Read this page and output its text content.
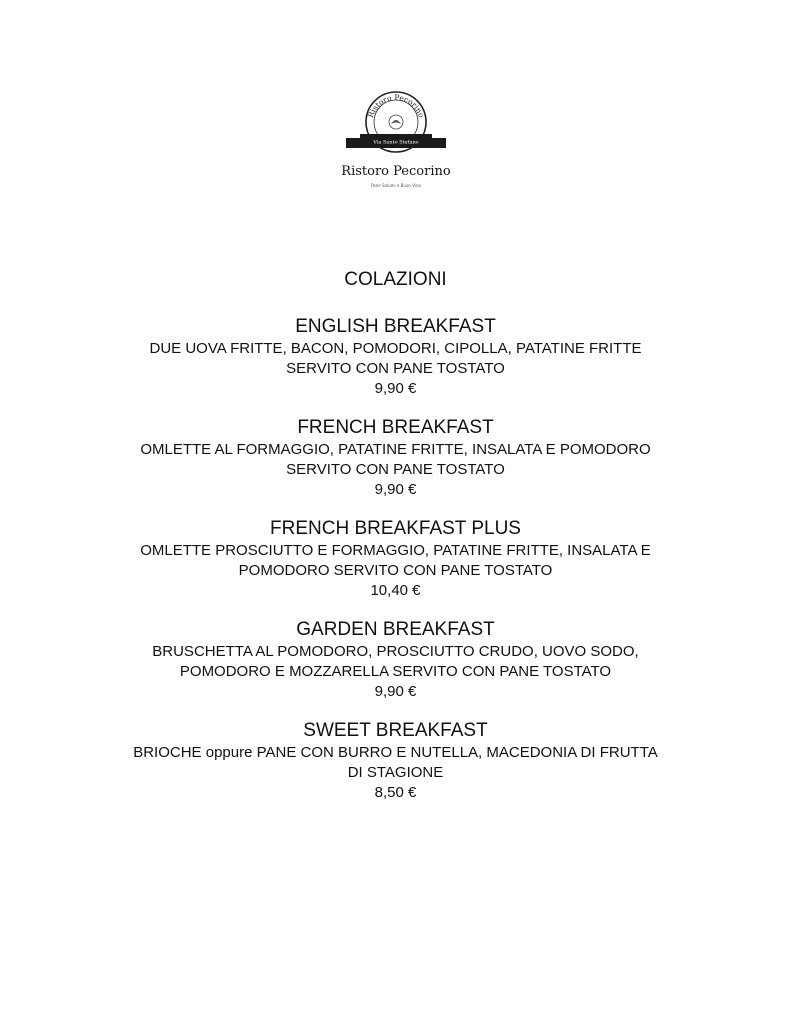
Ristoro Pecorino
Via Santo Stefano
Ristoro Pecorino
Pane Salumi e Buon Vino
COLAZIONI
ENGLISH BREAKFAST

DUE UOVA FRITTE, BACON, POMODORI, CIPOLLA, PATATINE FRITTE

SERVITO CON PANE TOSTATO

9,90 €

FRENCH BREAKFAST

OMLETTE AL FORMAGGIO, PATATINE FRITTE, INSALATA E POMODORO

SERVITO CON PANE TOSTATO

9,90 €

FRENCH BREAKFAST PLUS

OMLETTE PROSCIUTTO E FORMAGGIO, PATATINE FRITTE, INSALATA E

POMODORO SERVITO CON PANE TOSTATO

10,40 €

GARDEN BREAKFAST

BRUSCHETTA AL POMODORO, PROSCIUTTO CRUDO, UOVO SODO,

POMODORO E MOZZARELLA SERVITO CON PANE TOSTATO

9,90 €

SWEET BREAKFAST

BRIOCHE oppure PANE CON BURRO E NUTELLA, MACEDONIA DI FRUTTA

DI STAGIONE

8,50 €
